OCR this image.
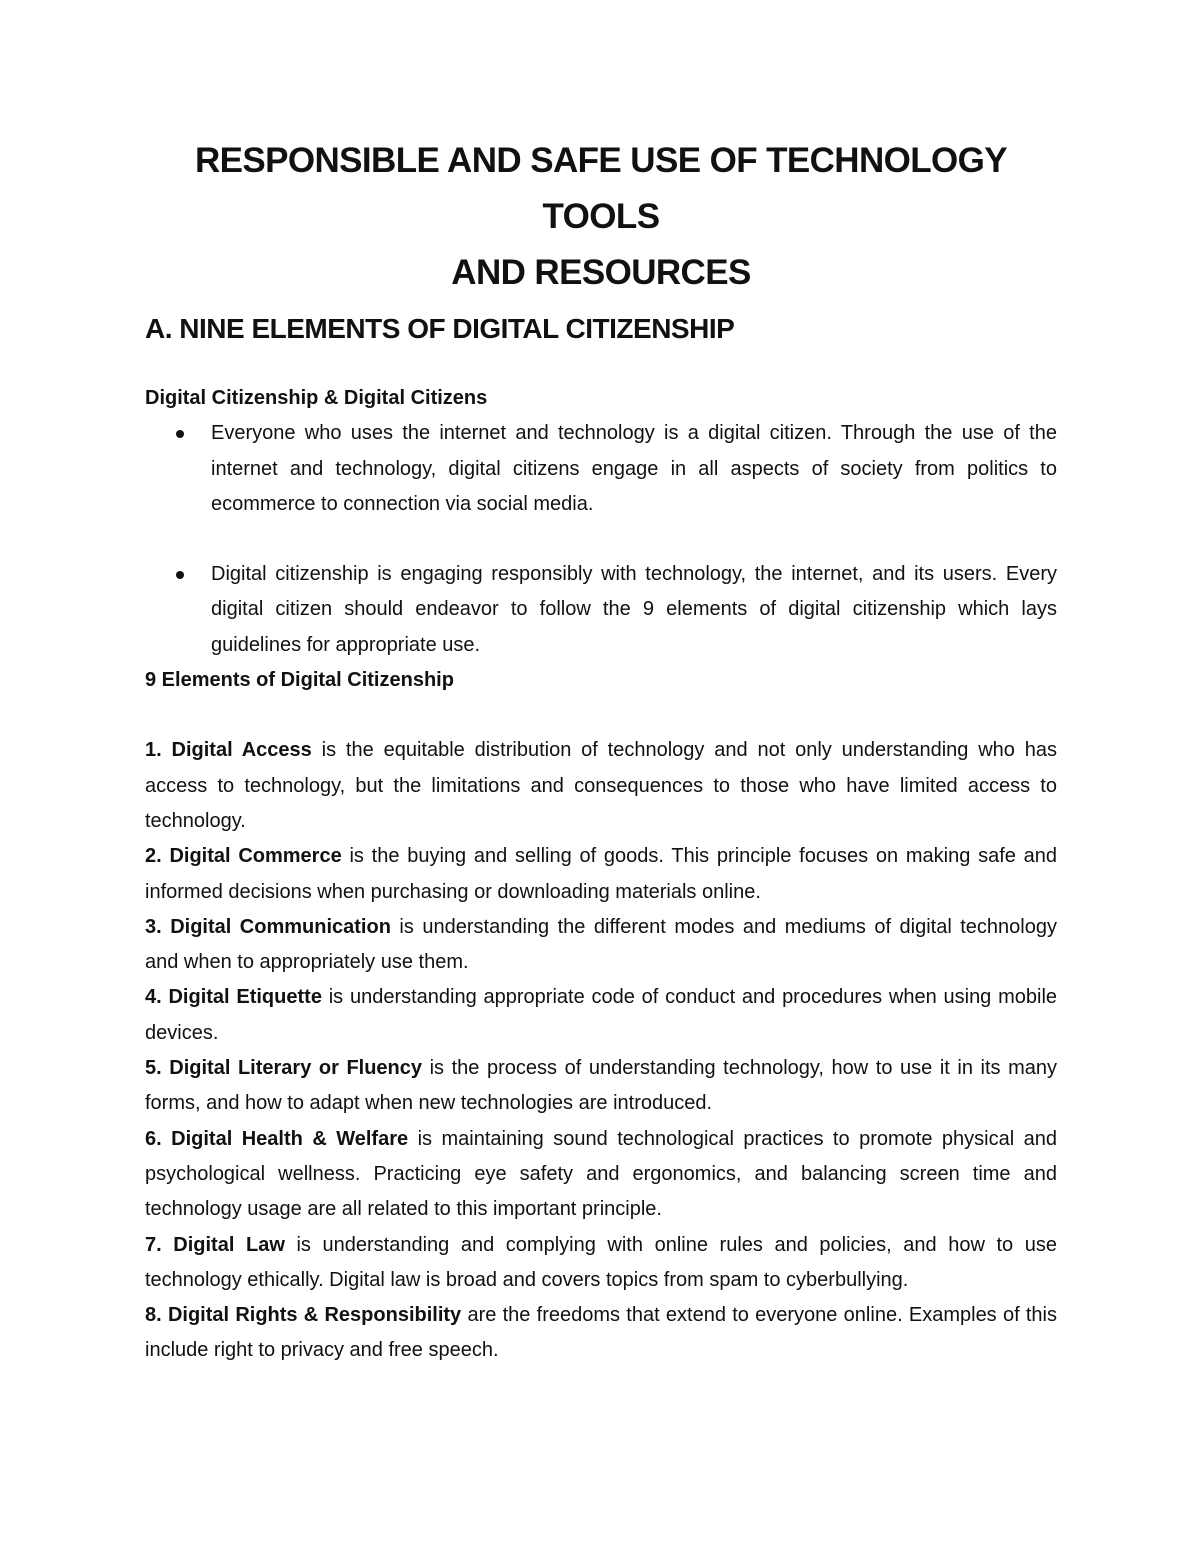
RESPONSIBLE AND SAFE USE OF TECHNOLOGY TOOLS
AND RESOURCES
A. NINE ELEMENTS OF DIGITAL CITIZENSHIP

Digital Citizenship & Digital Citizens

Everyone who uses the internet and technology is a digital citizen. Through the use of the internet and technology, digital citizens engage in all aspects of society from politics to ecommerce to connection via social media.
Digital citizenship is engaging responsibly with technology, the internet, and its users. Every digital citizen should endeavor to follow the 9 elements of digital citizenship which lays guidelines for appropriate use.

9 Elements of Digital Citizenship

1. Digital Access is the equitable distribution of technology and not only understanding who has access to technology, but the limitations and consequences to those who have limited access to technology.
2. Digital Commerce is the buying and selling of goods. This principle focuses on making safe and informed decisions when purchasing or downloading materials online.
3. Digital Communication is understanding the different modes and mediums of digital technology and when to appropriately use them.
4. Digital Etiquette is understanding appropriate code of conduct and procedures when using mobile devices.
5. Digital Literary or Fluency is the process of understanding technology, how to use it in its many forms, and how to adapt when new technologies are introduced.
6. Digital Health & Welfare is maintaining sound technological practices to promote physical and psychological wellness. Practicing eye safety and ergonomics, and balancing screen time and technology usage are all related to this important principle.
7. Digital Law is understanding and complying with online rules and policies, and how to use technology ethically. Digital law is broad and covers topics from spam to cyberbullying.
8. Digital Rights & Responsibility are the freedoms that extend to everyone online. Examples of this include right to privacy and free speech.
